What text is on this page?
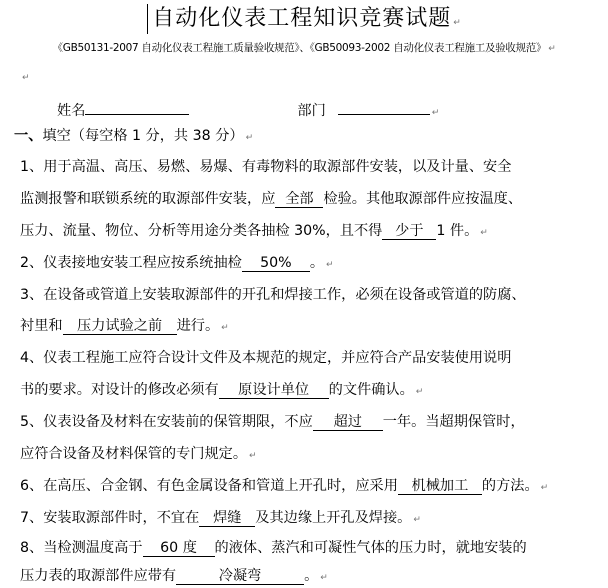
自动化仪表工程知识竞赛试题 ↵
《GB50131-2007 自动化仪表工程施工质量验收规范》、《GB50093-2002 自动化仪表工程施工及验收规范》 ↵
↵
姓名	部门	↵
一、填空（每空格 1 分，共 38 分） ↵
1、用于高温、高压、易燃、易爆、有毒物料的取源部件安装，以及计量、安全
监测报警和联锁系统的取源部件安装，应 全部 检验。其他取源部件应按温度、
压力、流量、物位、分析等用途分类各抽检 30%，且不得 少于 1 件。 ↵
2、仪表接地安装工程应按系统抽检 50% 。 ↵
3、在设备或管道上安装取源部件的开孔和焊接工作，必须在设备或管道的防腐、
衬里和 压力试验之前 进行。 ↵
4、仪表工程施工应符合设计文件及本规范的规定，并应符合产品安装使用说明
书的要求。对设计的修改必须有 原设计单位 的文件确认。 ↵
5、仪表设备及材料在安装前的保管期限，不应 超过 一年。当超期保管时，
应符合设备及材料保管的专门规定。 ↵
6、在高压、合金钢、有色金属设备和管道上开孔时，应采用 机械加工 的方法。 ↵
7、安装取源部件时，不宜在 焊缝 及其边缘上开孔及焊接。 ↵
8、当检测温度高于 60 度 的液体、蒸汽和可凝性气体的压力时，就地安装的
压力表的取源部件应带有	冷凝弯	。 ↵
